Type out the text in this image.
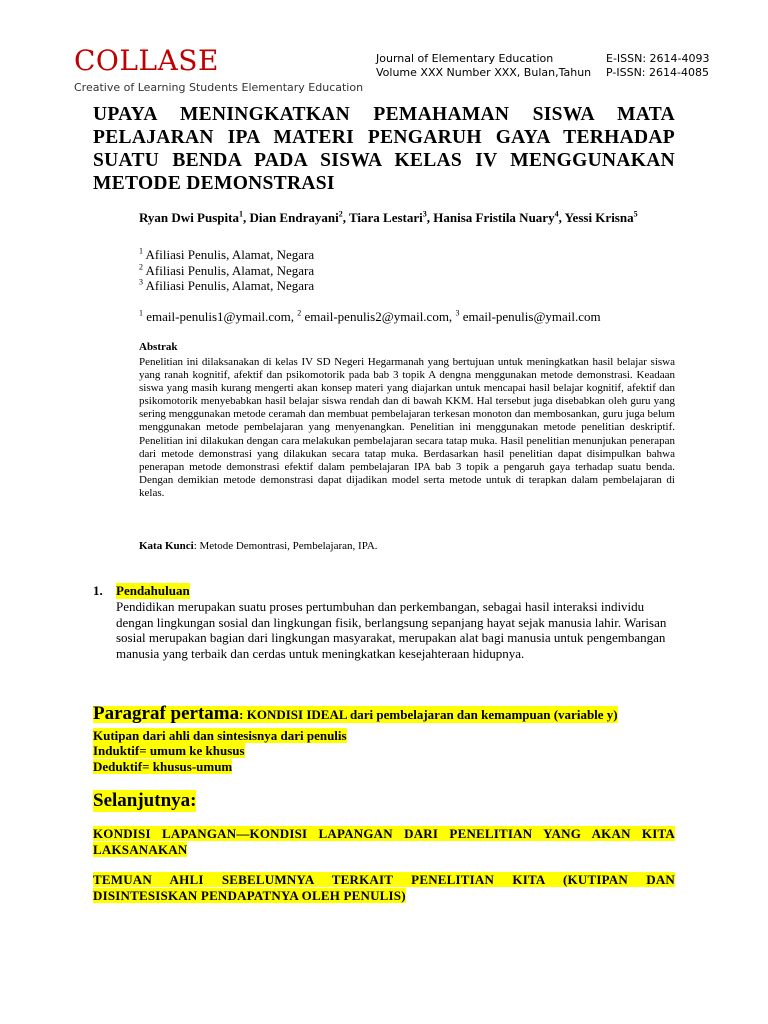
COLLASE
Creative of Learning Students Elementary Education
Journal of Elementary Education
Volume XXX Number XXX, Bulan,Tahun
E-ISSN: 2614-4093
P-ISSN: 2614-4085
UPAYA MENINGKATKAN PEMAHAMAN SISWA MATA PELAJARAN IPA MATERI PENGARUH GAYA TERHADAP SUATU BENDA PADA SISWA KELAS IV MENGGUNAKAN METODE DEMONSTRASI
Ryan Dwi Puspita$^1$, Dian Endrayani$^2$, Tiara Lestari$^3$, Hanisa Fristila Nuary$^4$, Yessi Krisna$^5$
$^1$ Afiliasi Penulis, Alamat, Negara
$^2$ Afiliasi Penulis, Alamat, Negara
$^3$ Afiliasi Penulis, Alamat, Negara
$^1$ email-penulis1@ymail.com, $^2$ email-penulis2@ymail.com, $^3$ email-penulis@ymail.com
Abstrak
Penelitian ini dilaksanakan di kelas IV SD Negeri Hegarmanah yang bertujuan untuk meningkatkan hasil belajar siswa yang ranah kognitif, afektif dan psikomotorik pada bab 3 topik A dengna menggunakan metode demonstrasi. Keadaan siswa yang masih kurang mengerti akan konsep materi yang diajarkan untuk mencapai hasil belajar kognitif, afektif dan psikomotorik menyebabkan hasil belajar siswa rendah dan di bawah KKM. Hal tersebut juga disebabkan oleh guru yang sering menggunakan metode ceramah dan membuat pembelajaran terkesan monoton dan membosankan, guru juga belum menggunakan metode pembelajaran yang menyenangkan. Penelitian ini menggunakan metode penelitian deskriptif. Penelitian ini dilakukan dengan cara melakukan pembelajaran secara tatap muka. Hasil penelitian menunjukan penerapan dari metode demonstrasi yang dilakukan secara tatap muka. Berdasarkan hasil penelitian dapat disimpulkan bahwa penerapan metode demonstrasi efektif dalam pembelajaran IPA bab 3 topik a pengaruh gaya terhadap suatu benda. Dengan demikian metode demonstrasi dapat dijadikan model serta metode untuk di terapkan dalam pembelajaran di kelas.
Kata Kunci: Metode Demontrasi, Pembelajaran, IPA.
1. Pendahuluan
Pendidikan merupakan suatu proses pertumbuhan dan perkembangan, sebagai hasil interaksi individu dengan lingkungan sosial dan lingkungan fisik, berlangsung sepanjang hayat sejak manusia lahir. Warisan sosial merupakan bagian dari lingkungan masyarakat, merupakan alat bagi manusia untuk pengembangan manusia yang terbaik dan cerdas untuk meningkatkan kesejahteraan hidupnya.
Paragraf pertama: KONDISI IDEAL dari pembelajaran dan kemampuan (variable y)
Kutipan dari ahli dan sintesisnya dari penulis
Induktif= umum ke khusus
Deduktif= khusus-umum
Selanjutnya:
KONDISI LAPANGAN—KONDISI LAPANGAN DARI PENELITIAN YANG AKAN KITA LAKSANAKAN
TEMUAN AHLI SEBELUMNYA TERKAIT PENELITIAN KITA (KUTIPAN DAN DISINTESISKAN PENDAPATNYA OLEH PENULIS)
